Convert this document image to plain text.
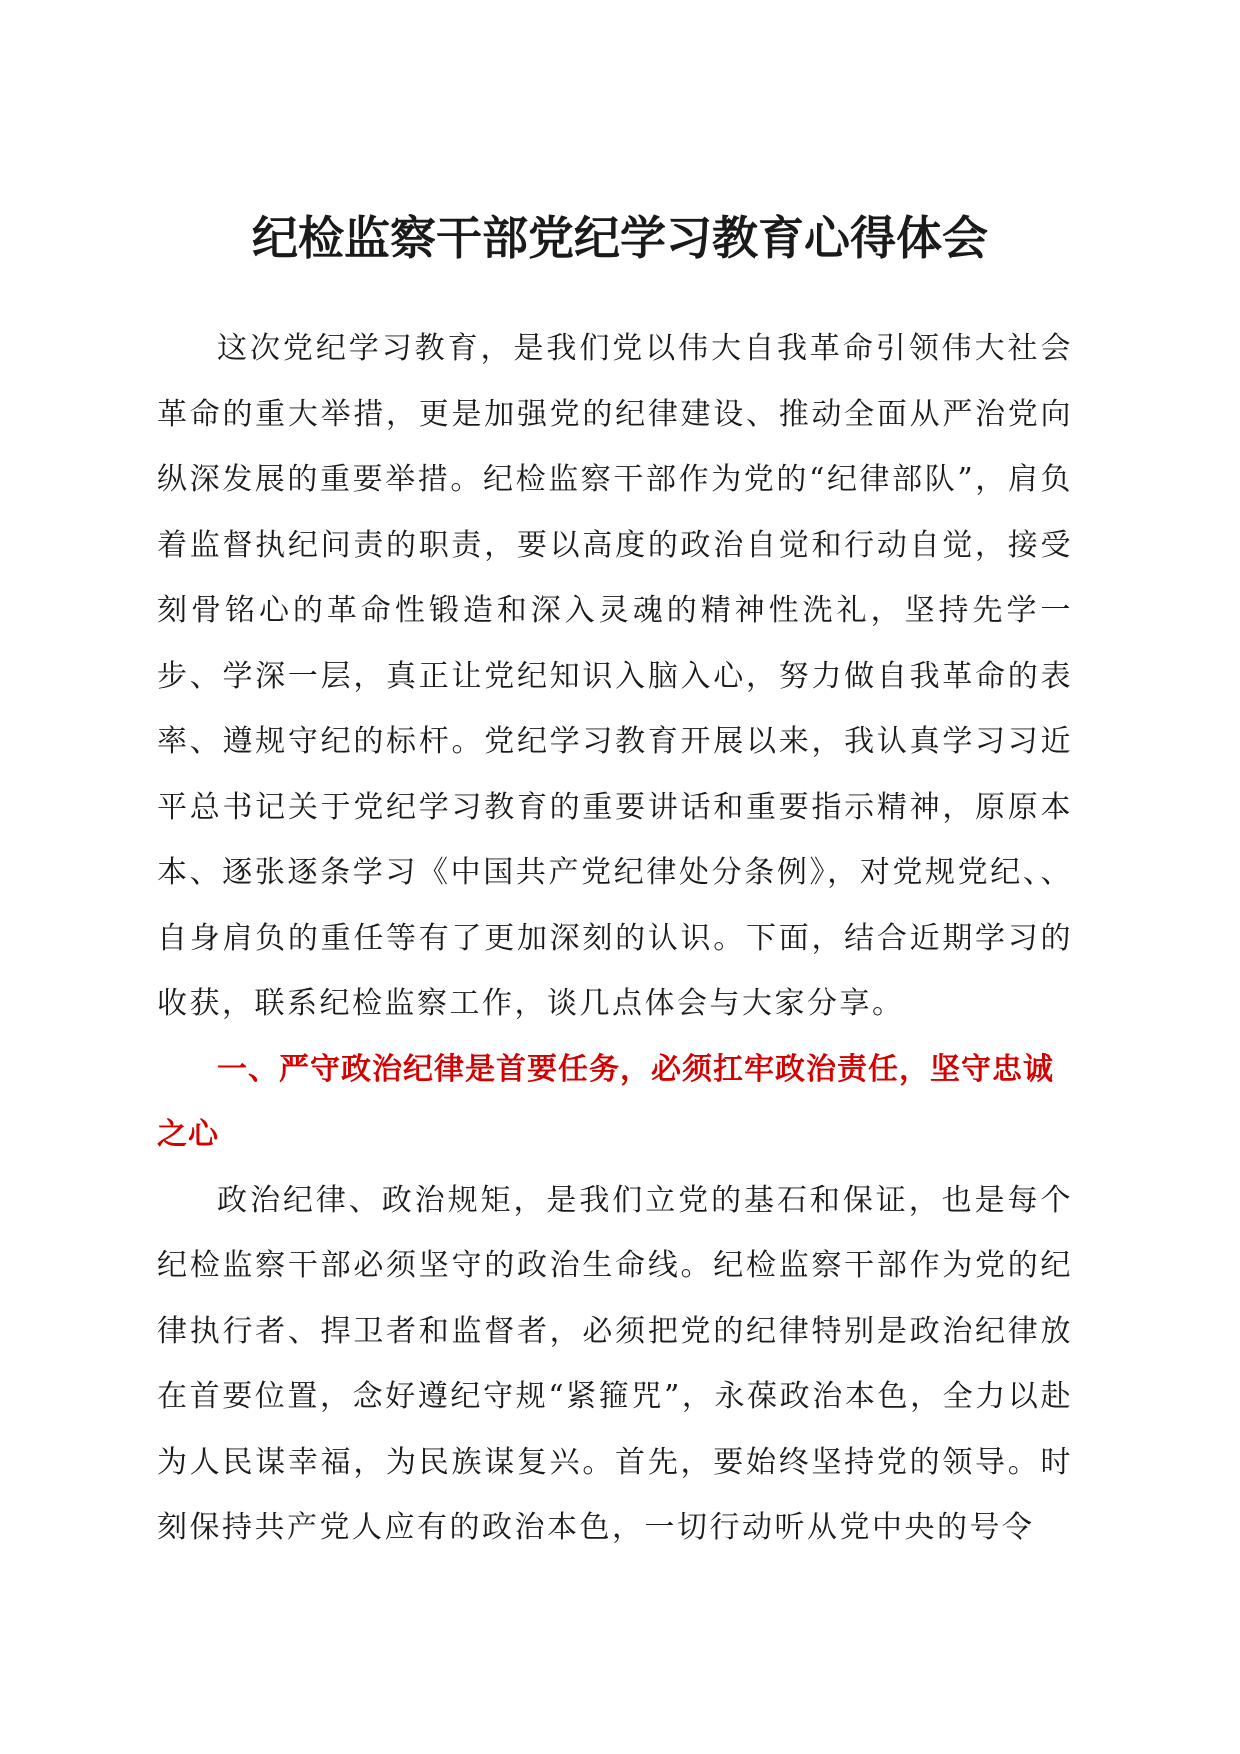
纪检监察干部党纪学习教育心得体会

这次党纪学习教育，是我们党以伟大自我革命引领伟大社会革命的重大举措，更是加强党的纪律建设、推动全面从严治党向纵深发展的重要举措。纪检监察干部作为党的“纪律部队”，肩负着监督执纪问责的职责，要以高度的政治自觉和行动自觉，接受刻骨铭心的革命性锻造和深入灵魂的精神性洗礼，坚持先学一步、学深一层，真正让党纪知识入脑入心，努力做自我革命的表率、遵规守纪的标杆。党纪学习教育开展以来，我认真学习习近平总书记关于党纪学习教育的重要讲话和重要指示精神，原原本本、逐张逐条学习《中国共产党纪律处分条例》，对党规党纪、、自身肩负的重任等有了更加深刻的认识。下面，结合近期学习的收获，联系纪检监察工作，谈几点体会与大家分享。

一、严守政治纪律是首要任务，必须扛牢政治责任，坚守忠诚之心

政治纪律、政治规矩，是我们立党的基石和保证，也是每个纪检监察干部必须坚守的政治生命线。纪检监察干部作为党的纪律执行者、捍卫者和监督者，必须把党的纪律特别是政治纪律放在首要位置，念好遵纪守规“紧箍咒”，永葆政治本色，全力以赴为人民谋幸福，为民族谋复兴。首先，要始终坚持党的领导。时刻保持共产党人应有的政治本色，一切行动听从党中央的号令
